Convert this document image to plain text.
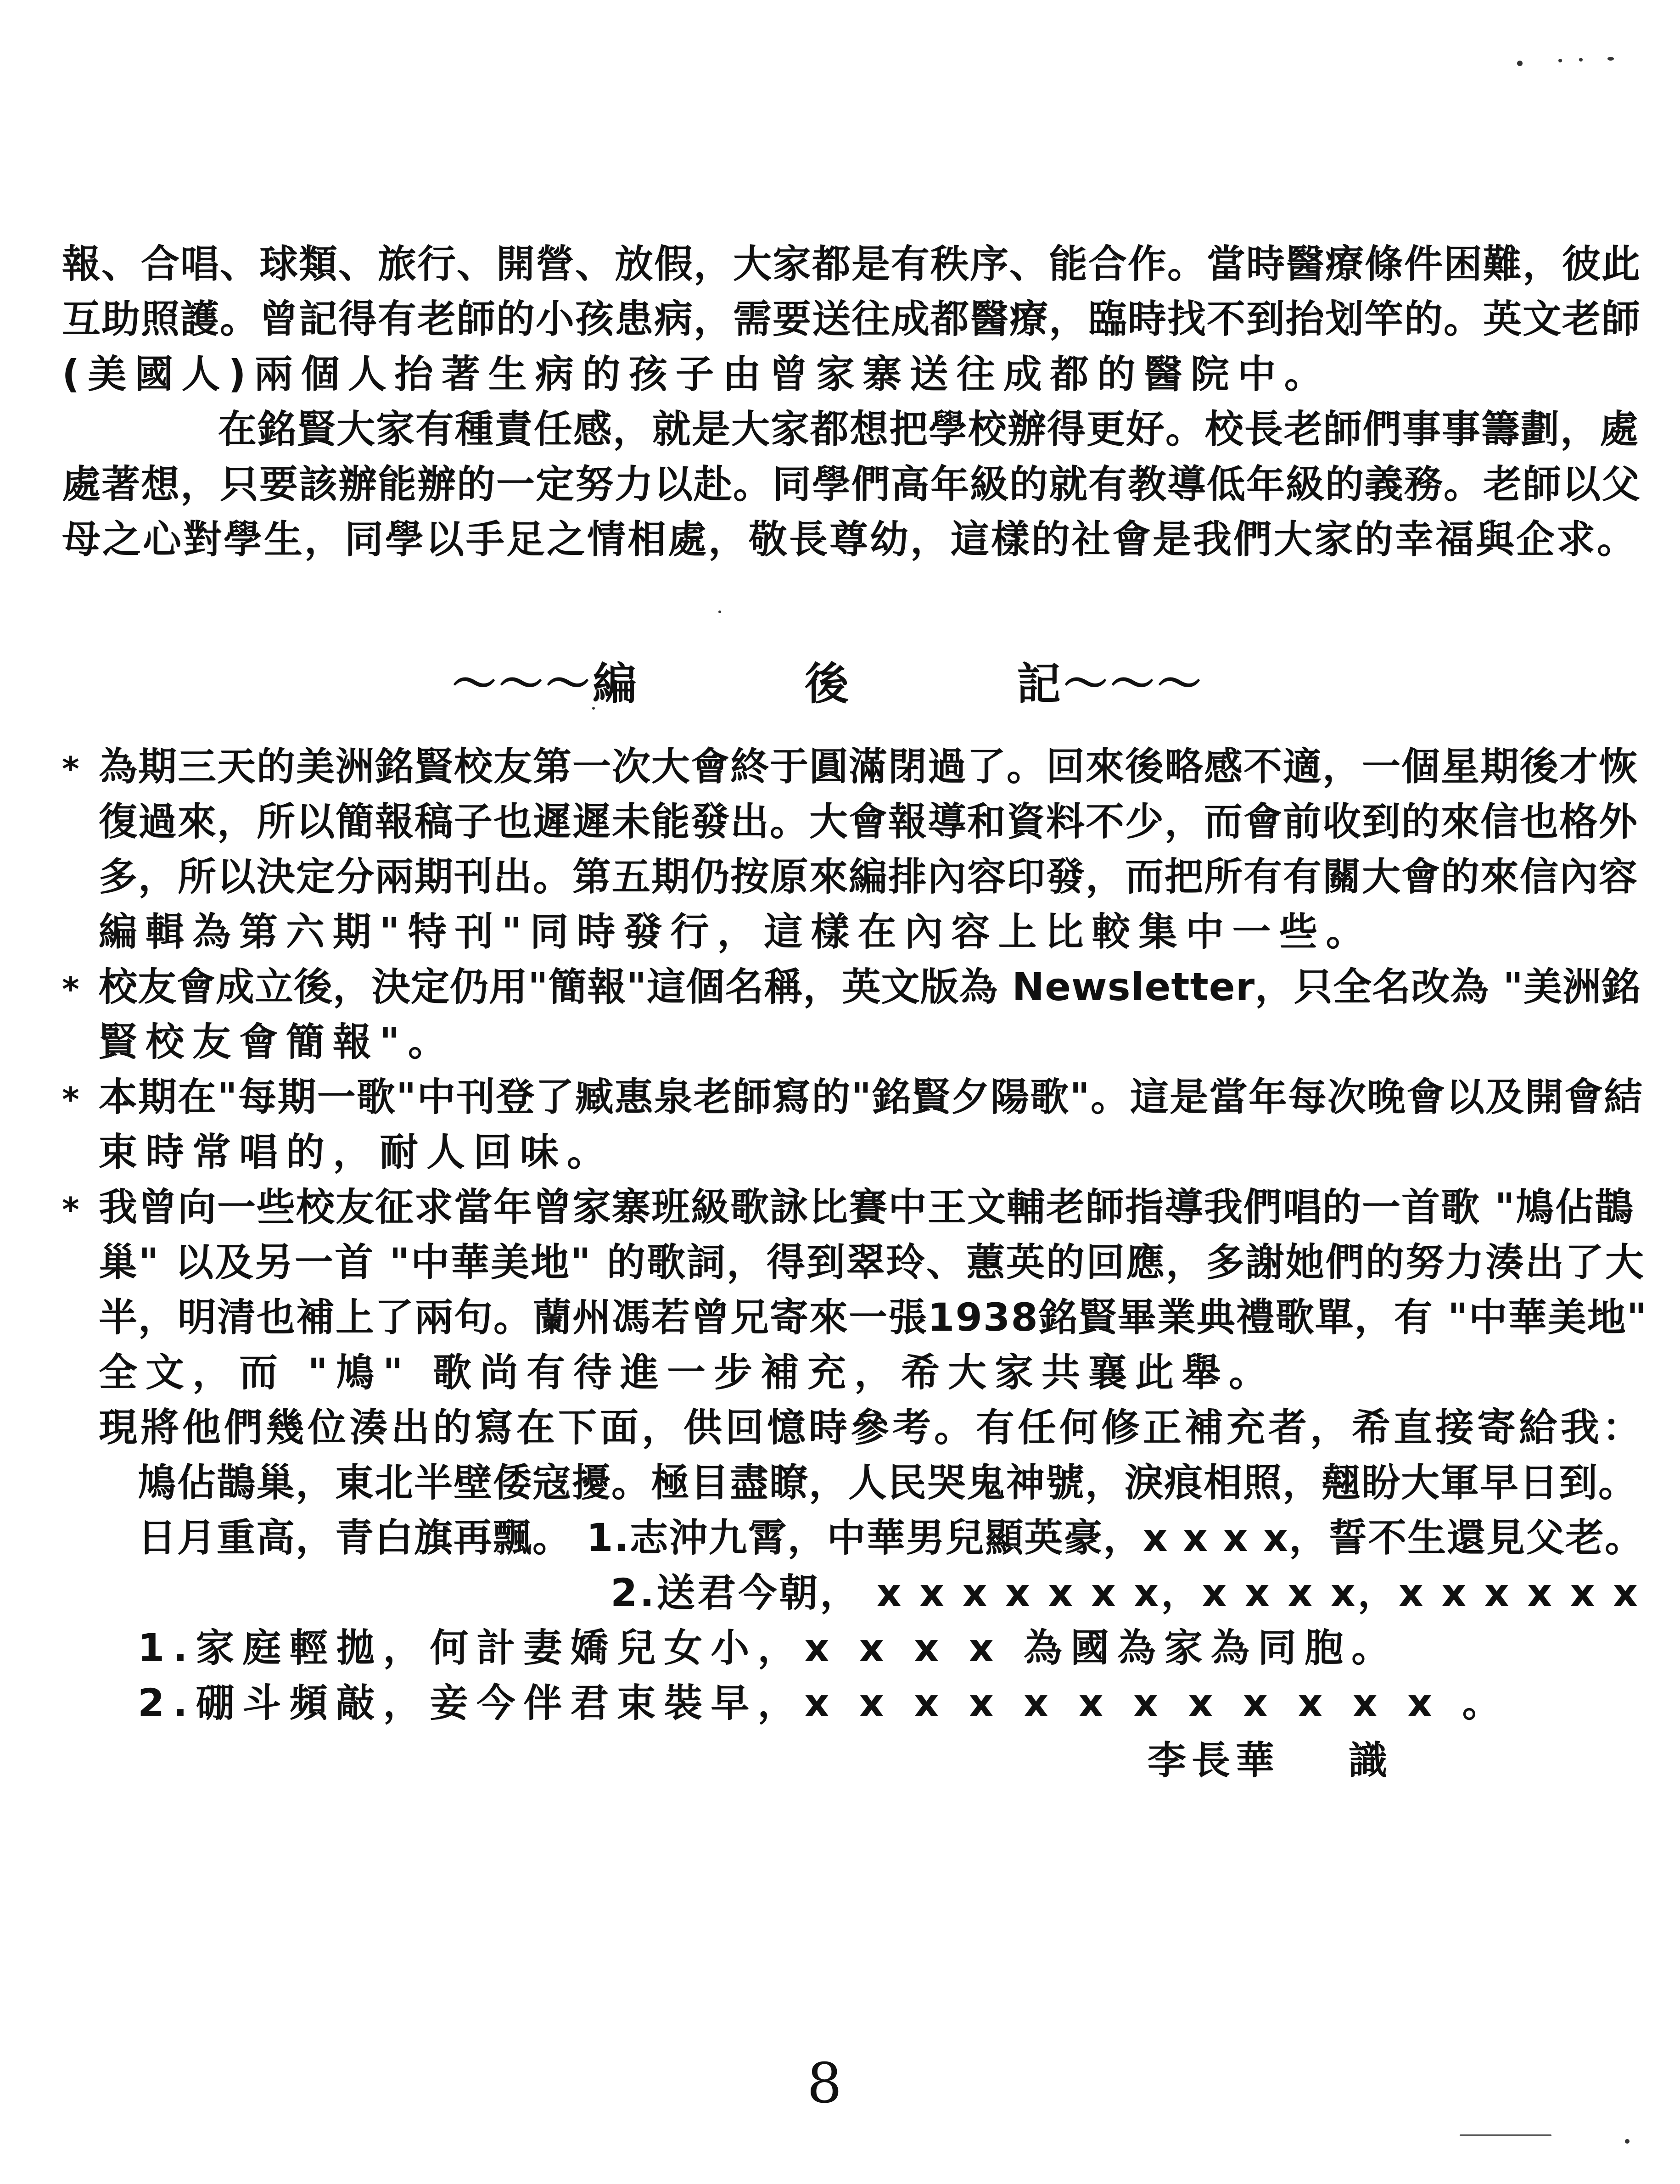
報、合唱、球類、旅行、開營、放假，大家都是有秩序、能合作。當時醫療條件困難，彼此
互助照護。曾記得有老師的小孩患病，需要送往成都醫療，臨時找不到抬划竿的。英文老師
(美國人)兩個人抬著生病的孩子由曾家寨送往成都的醫院中。
在銘賢大家有種責任感，就是大家都想把學校辦得更好。校長老師們事事籌劃，處
處著想，只要該辦能辦的一定努力以赴。同學們高年級的就有教導低年級的義務。老師以父
母之心對學生，同學以手足之情相處，敬長尊幼，這樣的社會是我們大家的幸福與企求。
～～～編	後	記～～～
* 為期三天的美洲銘賢校友第一次大會終于圓滿閉過了。回來後略感不適，一個星期後才恢
復過來，所以簡報稿子也遲遲未能發出。大會報導和資料不少，而會前收到的來信也格外
多，所以決定分兩期刊出。第五期仍按原來編排內容印發，而把所有有關大會的來信內容
編輯為第六期"特刊"同時發行，這樣在內容上比較集中一些。
* 校友會成立後，決定仍用"簡報"這個名稱，英文版為 Newsletter，只全名改為 "美洲銘
賢校友會簡報"。
* 本期在"每期一歌"中刊登了臧惠泉老師寫的"銘賢夕陽歌"。這是當年每次晚會以及開會結
束時常唱的，耐人回味。
* 我曾向一些校友征求當年曾家寨班級歌詠比賽中王文輔老師指導我們唱的一首歌 "鳩佔鵲
巢" 以及另一首 "中華美地" 的歌詞，得到翠玲、蕙英的回應，多謝她們的努力湊出了大
半，明清也補上了兩句。蘭州馮若曾兄寄來一張1938銘賢畢業典禮歌單，有 "中華美地"
全文，而 "鳩" 歌尚有待進一步補充，希大家共襄此舉。
現將他們幾位湊出的寫在下面，供回憶時參考。有任何修正補充者，希直接寄給我：
鳩佔鵲巢，東北半壁倭寇擾。極目盡瞭，人民哭鬼神號，淚痕相照，翹盼大軍早日到。
日月重高，青白旗再飄。 1.志沖九霄，中華男兒顯英豪，x x x x，誓不生還見父老。
2.送君今朝， x x x x x x x，x x x x，x x x x x x
1.家庭輕拋，何計妻嬌兒女小，x x x x 為國為家為同胞。
2.硼斗頻敲，妾今伴君束裝早，x x x x x x x x x x x x 。
李長華 識
8
